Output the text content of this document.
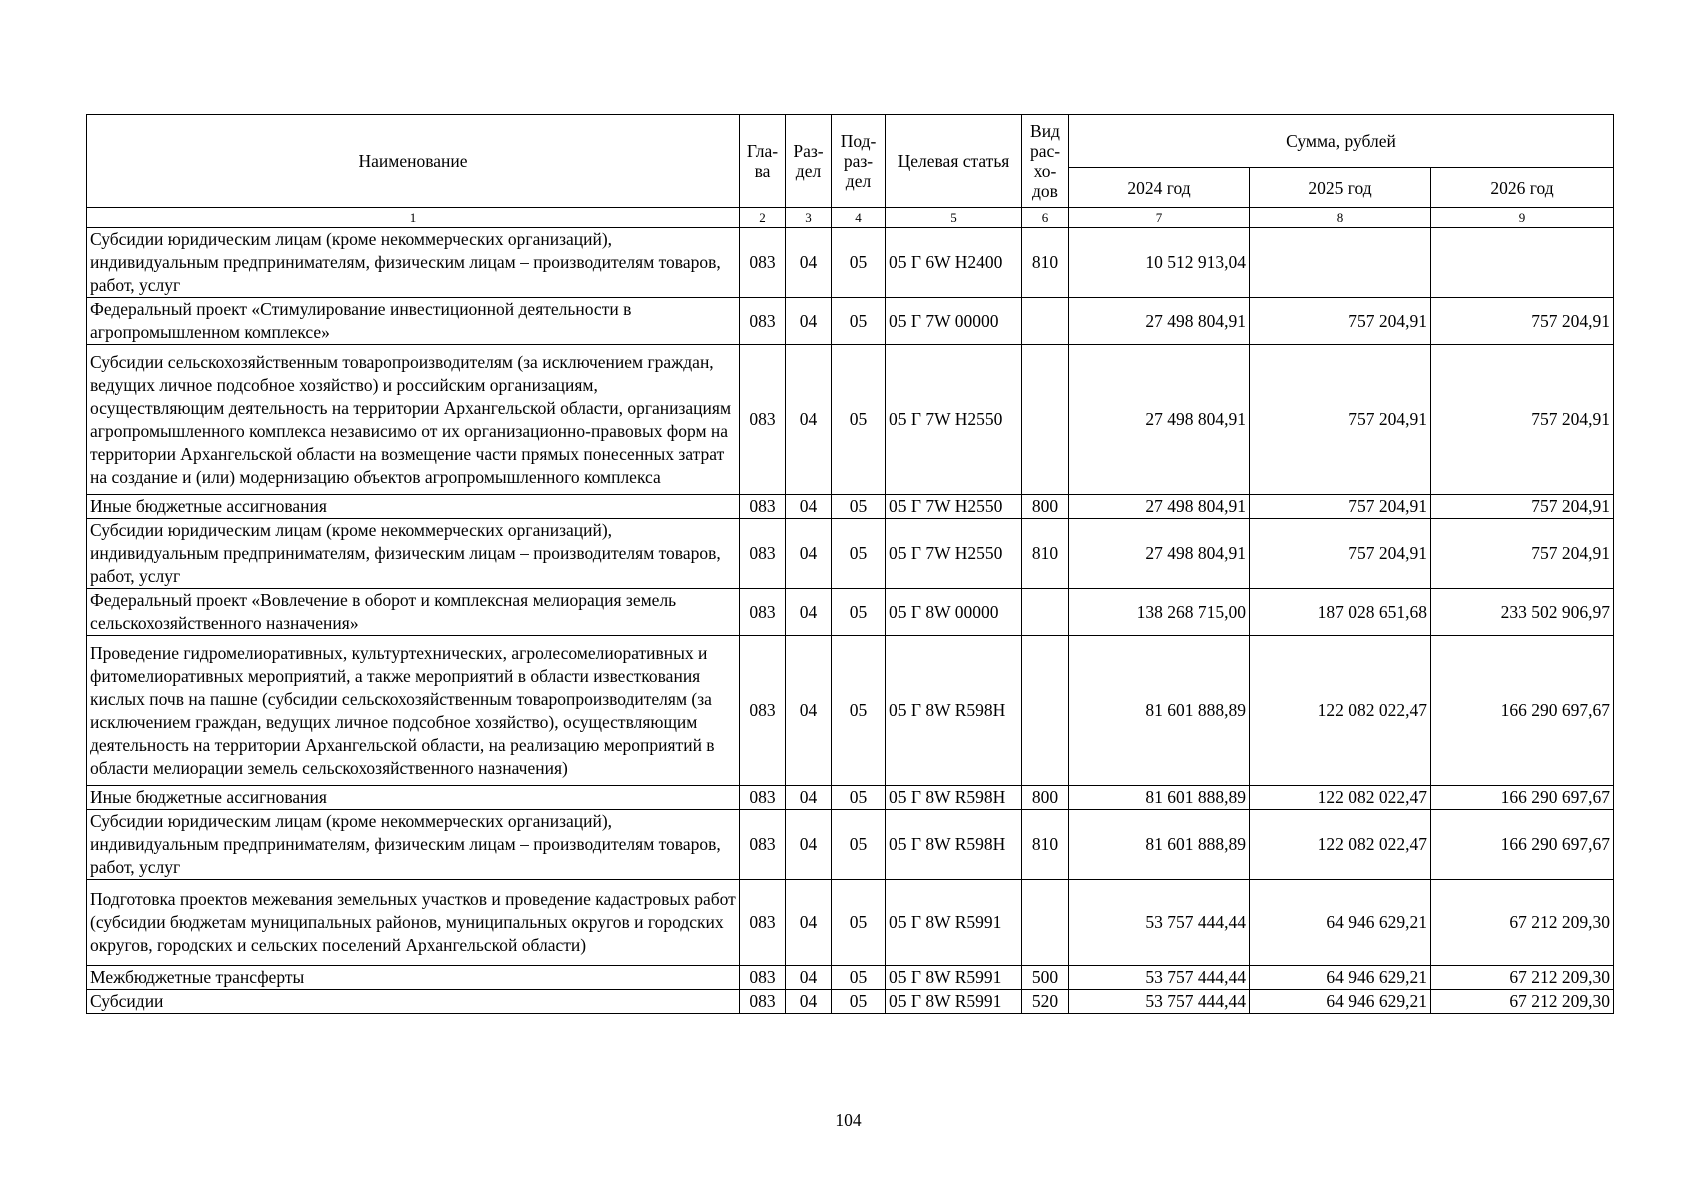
Наименование	Гла-ва	Раз-дел	Под-раз-дел	Целевая статья	Вид рас-хо-дов	Сумма, рублей		
						2024 год	2025 год	2026 год
1	2	3	4	5	6	7	8	9
Субсидии юридическим лицам (кроме некоммерческих организаций), индивидуальным предпринимателям, физическим лицам – производителям товаров, работ, услуг	083	04	05	05 Г 6W H2400	810	10 512 913,04		
Федеральный проект «Стимулирование инвестиционной деятельности в агропромышленном комплексе»	083	04	05	05 Г 7W 00000		27 498 804,91	757 204,91	757 204,91
Субсидии сельскохозяйственным товаропроизводителям (за исключением граждан, ведущих личное подсобное хозяйство) и российским организациям, осуществляющим деятельность на территории Архангельской области, организациям агропромышленного комплекса независимо от их организационно-правовых форм на территории Архангельской области на возмещение части прямых понесенных затрат на создание и (или) модернизацию объектов агропромышленного комплекса	083	04	05	05 Г 7W H2550		27 498 804,91	757 204,91	757 204,91
Иные бюджетные ассигнования	083	04	05	05 Г 7W H2550	800	27 498 804,91	757 204,91	757 204,91
Субсидии юридическим лицам (кроме некоммерческих организаций), индивидуальным предпринимателям, физическим лицам – производителям товаров, работ, услуг	083	04	05	05 Г 7W H2550	810	27 498 804,91	757 204,91	757 204,91
Федеральный проект «Вовлечение в оборот и комплексная мелиорация земель сельскохозяйственного назначения»	083	04	05	05 Г 8W 00000		138 268 715,00	187 028 651,68	233 502 906,97
Проведение гидромелиоративных, культуртехнических, агролесомелиоративных и фитомелиоративных мероприятий, а также мероприятий в области известкования кислых почв на пашне (субсидии сельскохозяйственным товаропроизводителям (за исключением граждан, ведущих личное подсобное хозяйство), осуществляющим деятельность на территории Архангельской области, на реализацию мероприятий в области мелиорации земель сельскохозяйственного назначения)	083	04	05	05 Г 8W R598H		81 601 888,89	122 082 022,47	166 290 697,67
Иные бюджетные ассигнования	083	04	05	05 Г 8W R598H	800	81 601 888,89	122 082 022,47	166 290 697,67
Субсидии юридическим лицам (кроме некоммерческих организаций), индивидуальным предпринимателям, физическим лицам – производителям товаров, работ, услуг	083	04	05	05 Г 8W R598H	810	81 601 888,89	122 082 022,47	166 290 697,67
Подготовка проектов межевания земельных участков и проведение кадастровых работ (субсидии бюджетам муниципальных районов, муниципальных округов и городских округов, городских и сельских поселений Архангельской области)	083	04	05	05 Г 8W R5991		53 757 444,44	64 946 629,21	67 212 209,30
Межбюджетные трансферты	083	04	05	05 Г 8W R5991	500	53 757 444,44	64 946 629,21	67 212 209,30
Субсидии	083	04	05	05 Г 8W R5991	520	53 757 444,44	64 946 629,21	67 212 209,30
104
